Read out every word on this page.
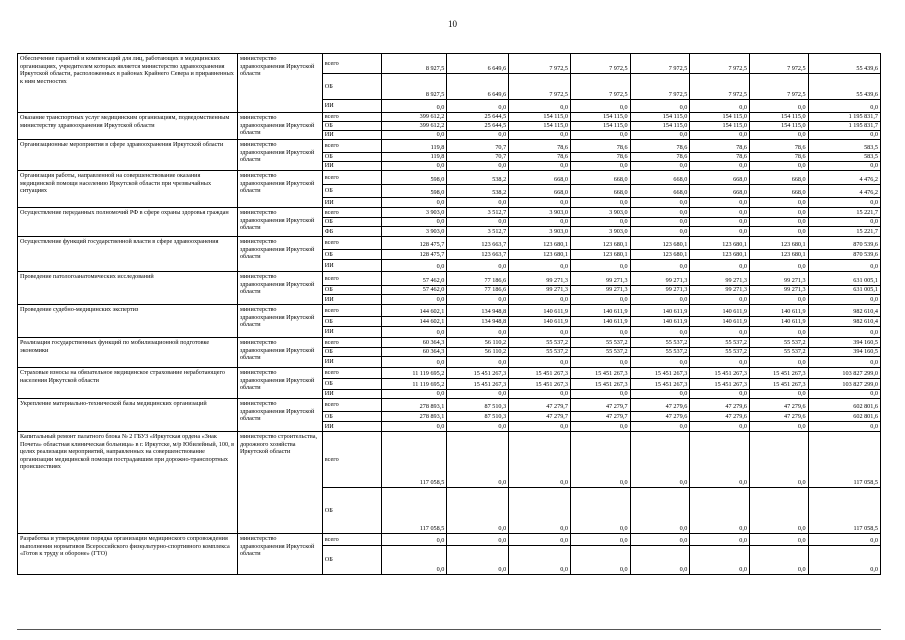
10
Обеспечение гарантий и компенсаций для лиц, работающих в медицинских организациях, учредителем которых является министерство здравоохранения Иркутской области, расположенных в районах Крайнего Севера и приравненных к ним местностях	министерство здравоохранения Иркутской области	всего	8 927,5	6 649,6	7 972,5	7 972,5	7 972,5	7 972,5	7 972,5	55 439,6
		ОБ	8 927,5	6 649,6	7 972,5	7 972,5	7 972,5	7 972,5	7 972,5	55 439,6
		ИИ	0,0	0,0	0,0	0,0	0,0	0,0	0,0	0,0
Оказание транспортных услуг медицинским организациям, подведомственным министерству здравоохранения Иркутской области	министерство здравоохранения Иркутской области	всего	399 612,2	25 644,5	154 115,0	154 115,0	154 115,0	154 115,0	154 115,0	1 195 831,7
		ОБ	399 612,2	25 644,5	154 115,0	154 115,0	154 115,0	154 115,0	154 115,0	1 195 831,7
		ИИ	0,0	0,0	0,0	0,0	0,0	0,0	0,0	0,0
Организационные мероприятия в сфере здравоохранения Иркутской области	министерство здравоохранения Иркутской области	всего	119,8	70,7	78,6	78,6	78,6	78,6	78,6	583,5
		ОБ	119,8	70,7	78,6	78,6	78,6	78,6	78,6	583,5
		ИИ	0,0	0,0	0,0	0,0	0,0	0,0	0,0	0,0
Организация работы, направленной на совершенствование оказания медицинской помощи населению Иркутской области при чрезвычайных ситуациях	министерство здравоохранения Иркутской области	всего	598,0	538,2	668,0	668,0	668,0	668,0	668,0	4 476,2
		ОБ	598,0	538,2	668,0	668,0	668,0	668,0	668,0	4 476,2
		ИИ	0,0	0,0	0,0	0,0	0,0	0,0	0,0	0,0
Осуществление переданных полномочий РФ в сфере охраны здоровья граждан	министерство здравоохранения Иркутской области	всего	3 903,0	3 512,7	3 903,0	3 903,0	0,0	0,0	0,0	15 221,7
		ОБ	0,0	0,0	0,0	0,0	0,0	0,0	0,0	0,0
		ФБ	3 903,0	3 512,7	3 903,0	3 903,0	0,0	0,0	0,0	15 221,7
Осуществление функций государственной власти в сфере здравоохранения	министерство здравоохранения Иркутской области	всего	128 475,7	123 663,7	123 680,1	123 680,1	123 680,1	123 680,1	123 680,1	870 539,6
		ОБ	128 475,7	123 663,7	123 680,1	123 680,1	123 680,1	123 680,1	123 680,1	870 539,6
		ИИ	0,0	0,0	0,0	0,0	0,0	0,0	0,0	0,0
Проведение патологоанатомических исследований	министерство здравоохранения Иркутской области	всего	57 462,0	77 186,6	99 271,3	99 271,3	99 271,3	99 271,3	99 271,3	631 005,1
		ОБ	57 462,0	77 186,6	99 271,3	99 271,3	99 271,3	99 271,3	99 271,3	631 005,1
		ИИ	0,0	0,0	0,0	0,0	0,0	0,0	0,0	0,0
Проведение судебно-медицинских экспертиз	министерство здравоохранения Иркутской области	всего	144 602,1	134 948,8	140 611,9	140 611,9	140 611,9	140 611,9	140 611,9	982 610,4
		ОБ	144 602,1	134 948,8	140 611,9	140 611,9	140 611,9	140 611,9	140 611,9	982 610,4
		ИИ	0,0	0,0	0,0	0,0	0,0	0,0	0,0	0,0
Реализация государственных функций по мобилизационной подготовке экономики	министерство здравоохранения Иркутской области	всего	60 364,3	56 110,2	55 537,2	55 537,2	55 537,2	55 537,2	55 537,2	394 160,5
		ОБ	60 364,3	56 110,2	55 537,2	55 537,2	55 537,2	55 537,2	55 537,2	394 160,5
		ИИ	0,0	0,0	0,0	0,0	0,0	0,0	0,0	0,0
Страховые взносы на обязательное медицинское страхование неработающего населения Иркутской области	министерство здравоохранения Иркутской области	всего	11 119 695,2	15 451 267,3	15 451 267,3	15 451 267,3	15 451 267,3	15 451 267,3	15 451 267,3	103 827 299,0
		ОБ	11 119 695,2	15 451 267,3	15 451 267,3	15 451 267,3	15 451 267,3	15 451 267,3	15 451 267,3	103 827 299,0
		ИИ	0,0	0,0	0,0	0,0	0,0	0,0	0,0	0,0
Укрепление материально-технической базы медицинских организаций	министерство здравоохранения Иркутской области	всего	278 893,1	87 510,3	47 279,7	47 279,7	47 279,6	47 279,6	47 279,6	602 801,6
		ОБ	278 893,1	87 510,3	47 279,7	47 279,7	47 279,6	47 279,6	47 279,6	602 801,6
		ИИ	0,0	0,0	0,0	0,0	0,0	0,0	0,0	0,0
Капитальный ремонт палатного блока № 2 ГБУЗ «Иркутская ордена «Знак Почета» областная клиническая больница» в г. Иркутске, м/р Юбилейный, 100, в целях реализации мероприятий, направленных на совершенствование организации медицинской помощи пострадавшим при дорожно-транспортных происшествиях	министерство строительства, дорожного хозяйства Иркутской области	всего	117 058,5	0,0	0,0	0,0	0,0	0,0	0,0	117 058,5
		ОБ	117 058,5	0,0	0,0	0,0	0,0	0,0	0,0	117 058,5
Разработка и утверждение порядка организации медицинского сопровождения выполнения нормативов Всероссийского физкультурно-спортивного комплекса «Готов к труду и обороне» (ГТО)	министерство здравоохранения Иркутской области	всего	0,0	0,0	0,0	0,0	0,0	0,0	0,0	0,0
		ОБ	0,0	0,0	0,0	0,0	0,0	0,0	0,0	0,0
